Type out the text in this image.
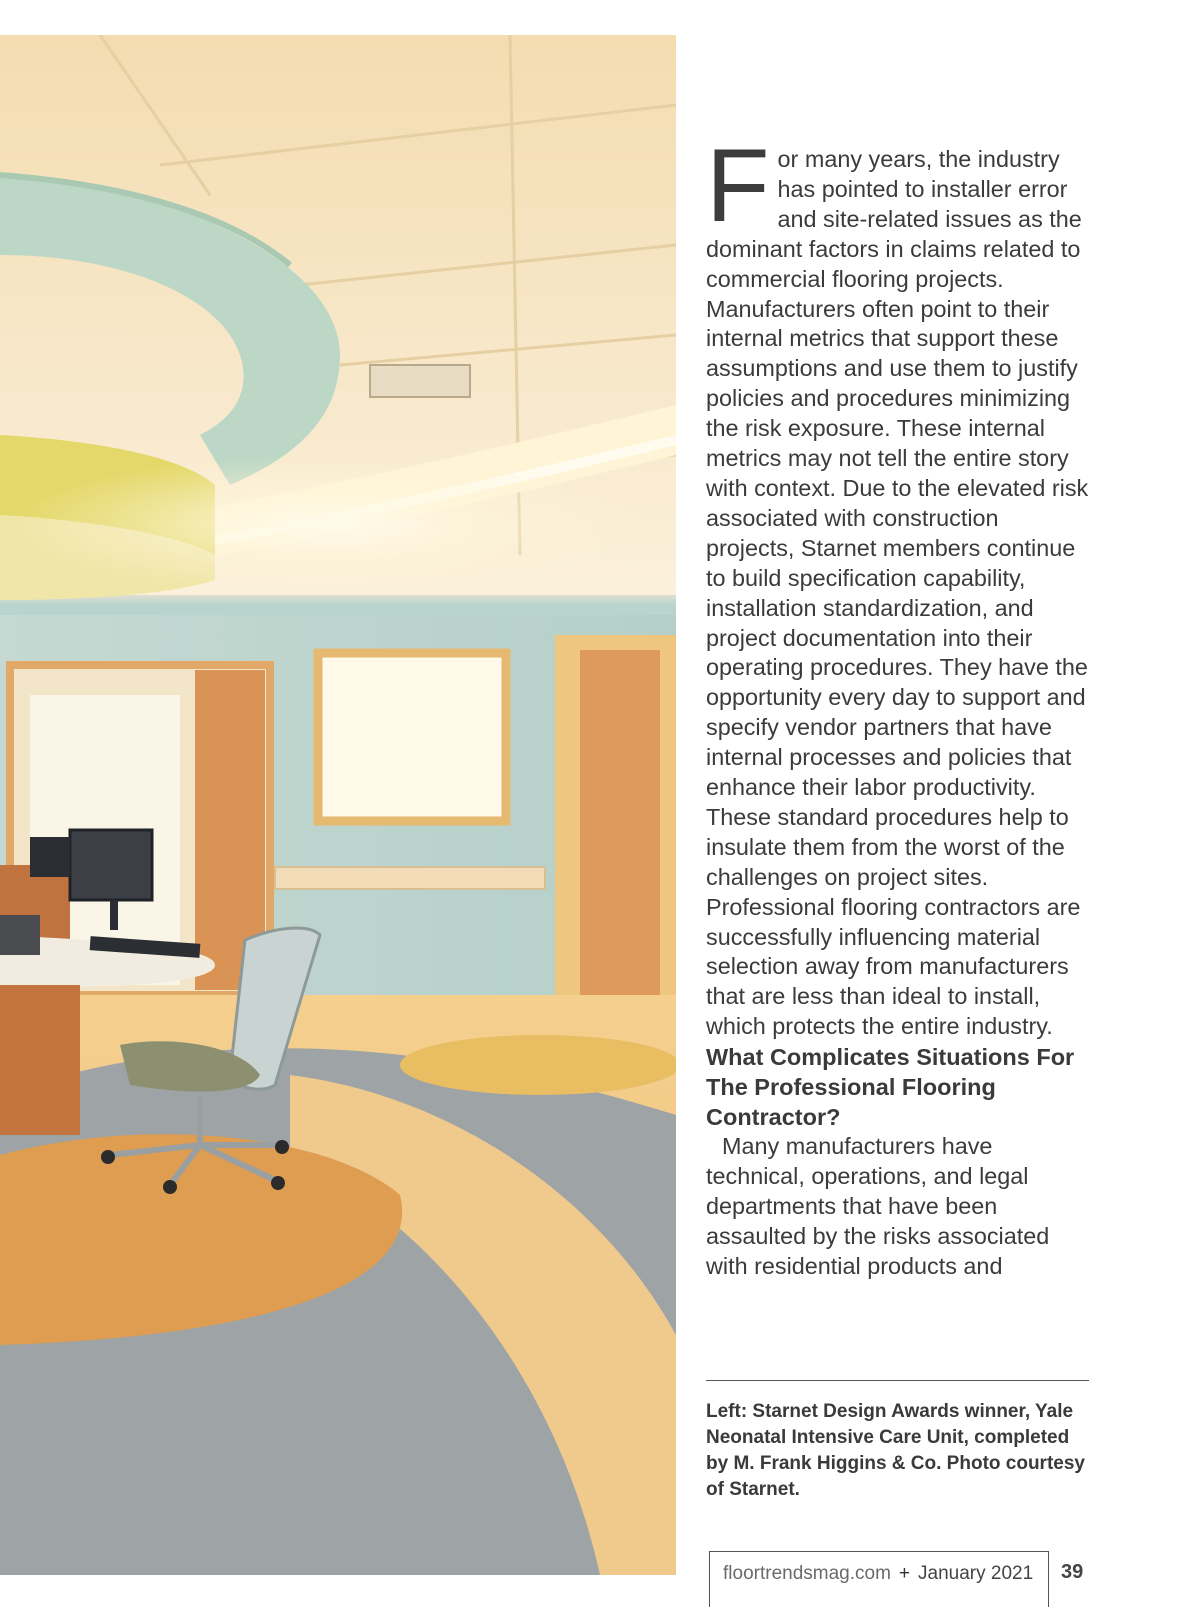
For many years, the industry has pointed to installer error and site-related issues as the dominant factors in claims related to commercial flooring projects. Manufacturers often point to their internal metrics that support these assumptions and use them to justify policies and procedures minimizing the risk exposure. These internal metrics may not tell the entire story with context. Due to the elevated risk associated with construction projects, Starnet members continue to build specification capability, installation standardization, and project documentation into their operating procedures. They have the opportunity every day to support and specify vendor partners that have internal processes and policies that enhance their labor productivity. These standard procedures help to insulate them from the worst of the challenges on project sites. Professional flooring contractors are successfully influencing material selection away from manufacturers that are less than ideal to install, which protects the entire industry.

What Complicates Situations For The Professional Flooring Contractor?

Many manufacturers have technical, operations, and legal departments that have been assaulted by the risks associated with residential products and

Left: Starnet Design Awards winner, Yale Neonatal Intensive Care Unit, completed by M. Frank Higgins & Co. Photo courtesy of Starnet.
floortrendsmag.com + January 2021 39
